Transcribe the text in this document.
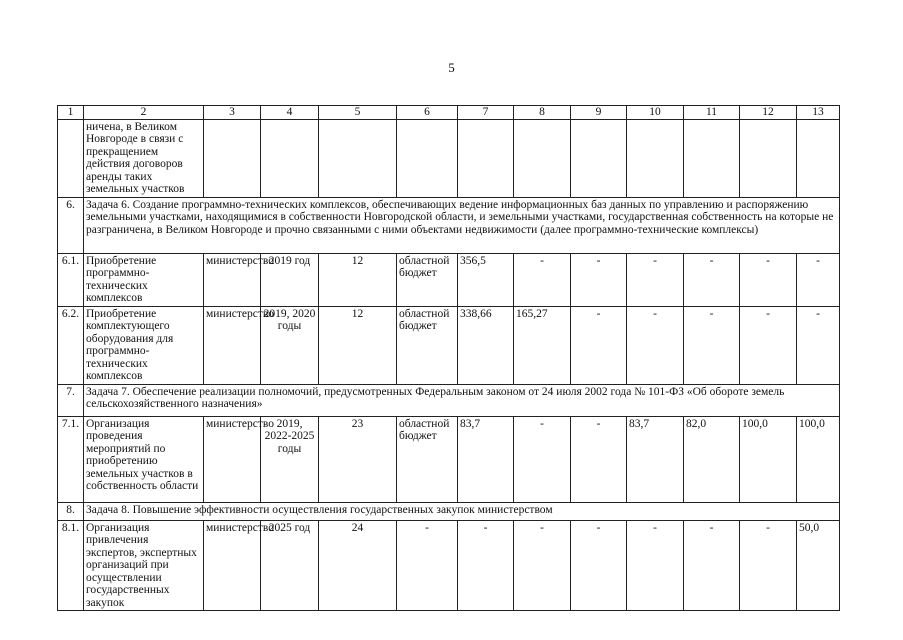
5
1	2	3	4	5	6	7	8	9	10	11	12	13
	ничена, в Великом Новгороде в связи с прекращением действия договоров аренды таких земельных участков											
6.	Задача 6. Создание программно-технических комплексов, обеспечивающих ведение информационных баз данных по управлению и распоряжению земельными участками, находящимися в собственности Новгородской области, и земельными участками, государственная собственность на которые не разграничена, в Великом Новгороде и прочно связанными с ними объектами недвижимости (далее программно-технические комплексы)											
6.1.	Приобретение программно-технических комплексов	министерство	2019 год	12	областной бюджет	356,5	-	-	-	-	-	-
6.2.	Приобретение комплектующего оборудования для программно-технических комплексов	министерство	2019, 2020 годы	12	областной бюджет	338,66	165,27	-	-	-	-	-
7.	Задача 7. Обеспечение реализации полномочий, предусмотренных Федеральным законом от 24 июля 2002 года № 101-ФЗ «Об обороте земель сельскохозяйственного назначения»											
7.1.	Организация проведения мероприятий по приобретению земельных участков в собственность области	министерство	2019, 2022-2025 годы	23	областной бюджет	83,7	-	-	83,7	82,0	100,0	100,0
8.	Задача 8. Повышение эффективности осуществления государственных закупок министерством											
8.1.	Организация привлечения экспертов, экспертных организаций при осуществлении государственных закупок	министерство	2025 год	24	-	-	-	-	-	-	-	50,0
